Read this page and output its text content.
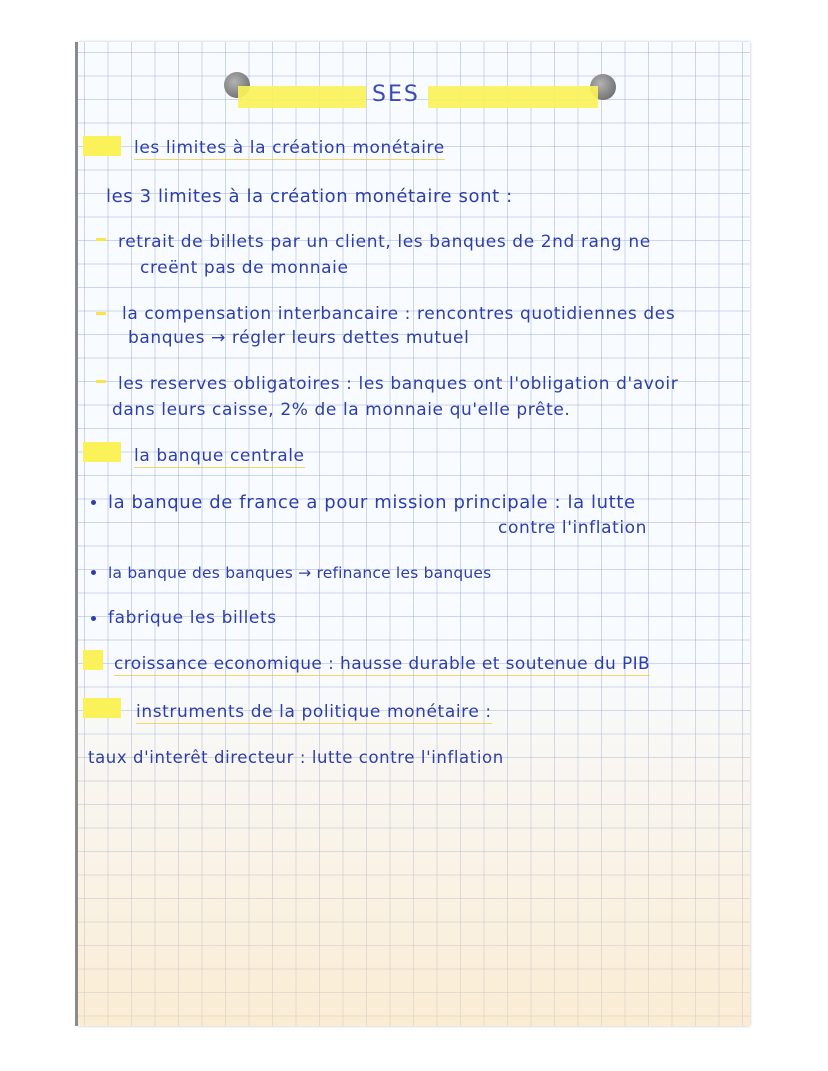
SES
les limites à la création monétaire
les 3 limites à la création monétaire sont :
retrait de billets par un client, les banques de 2nd rang ne
creënt pas de monnaie
la compensation interbancaire : rencontres quotidiennes des
banques → régler leurs dettes mutuel
les reserves obligatoires : les banques ont l'obligation d'avoir
dans leurs caisse, 2% de la monnaie qu'elle prête.
la banque centrale
la banque de france a pour mission principale : la lutte
contre l'inflation
la banque des banques → refinance les banques
fabrique les billets
croissance economique : hausse durable et soutenue du PIB
instruments de la politique monétaire :
taux d'interêt directeur : lutte contre l'inflation
